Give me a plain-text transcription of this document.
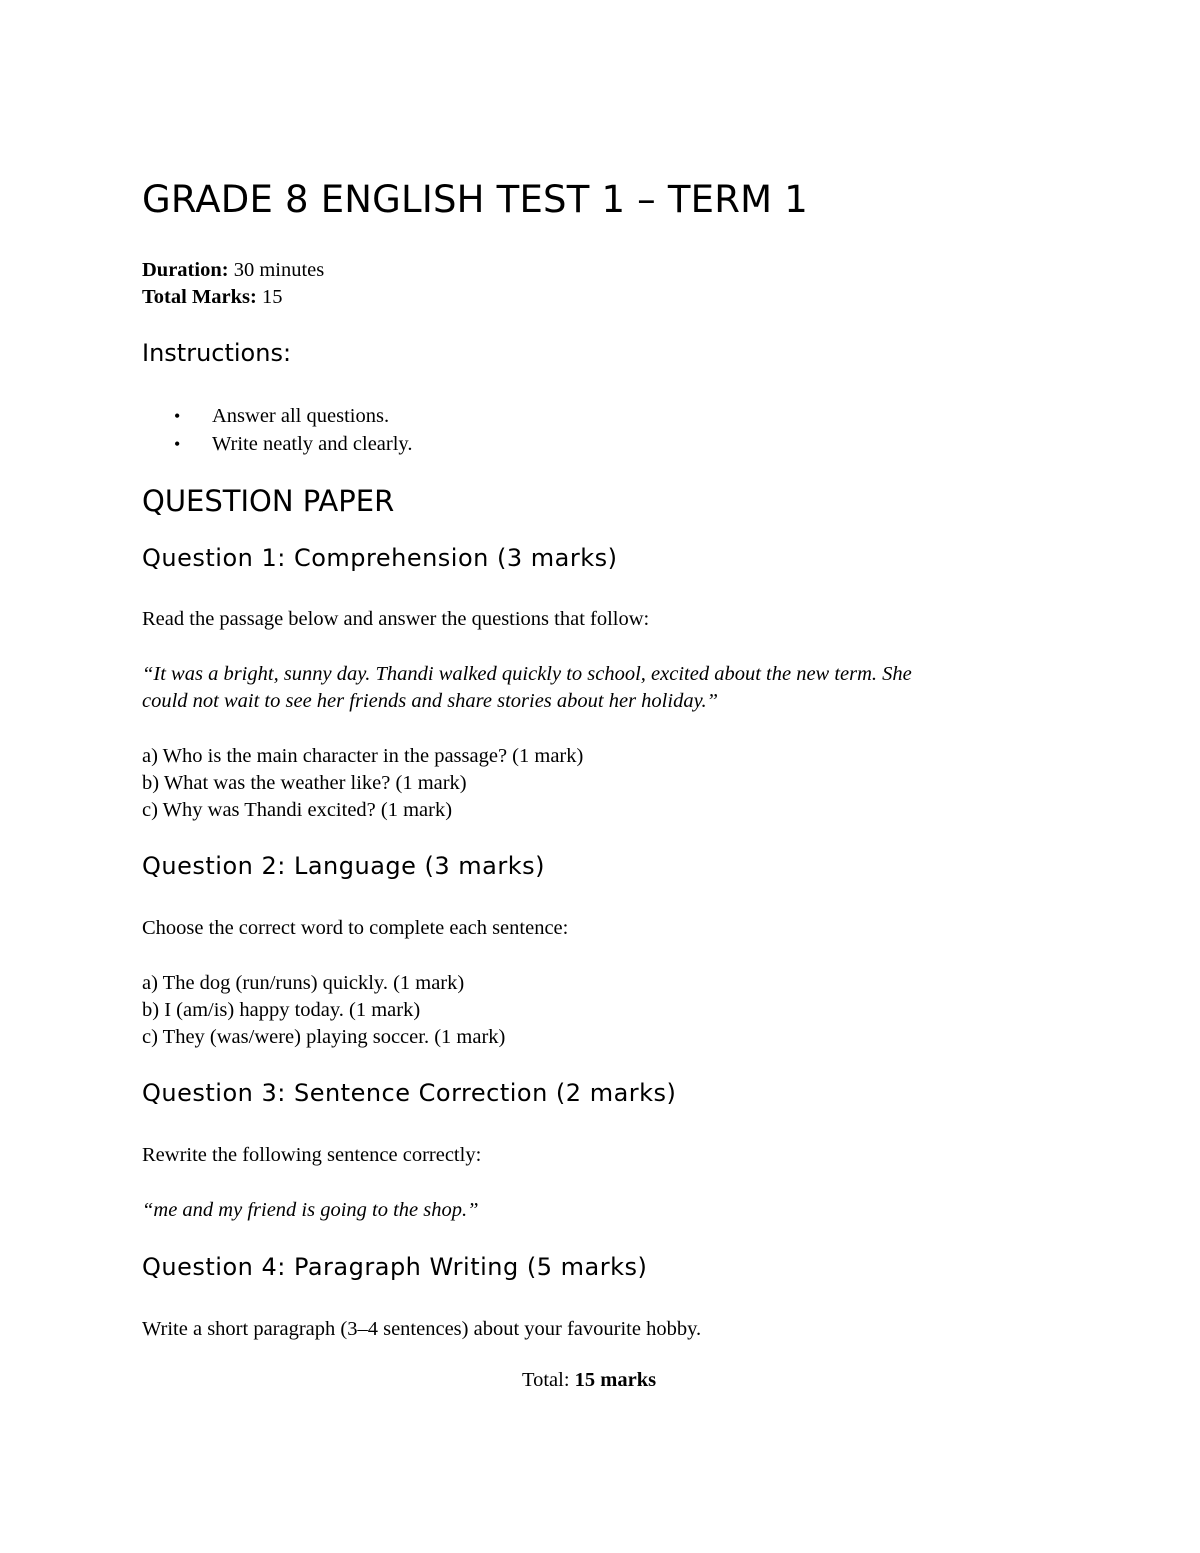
GRADE 8 ENGLISH TEST 1 – TERM 1

Duration: 30 minutes

Total Marks: 15

Instructions:
• Answer all questions.
• Write neatly and clearly.
QUESTION PAPER
Question 1: Comprehension (3 marks)

Read the passage below and answer the questions that follow:

“It was a bright, sunny day. Thandi walked quickly to school, excited about the new term. She

could not wait to see her friends and share stories about her holiday.”

a) Who is the main character in the passage? (1 mark)

b) What was the weather like? (1 mark)

c) Why was Thandi excited? (1 mark)

Question 2: Language (3 marks)

Choose the correct word to complete each sentence:

a) The dog (run/runs) quickly. (1 mark)

b) I (am/is) happy today. (1 mark)

c) They (was/were) playing soccer. (1 mark)

Question 3: Sentence Correction (2 marks)

Rewrite the following sentence correctly:

“me and my friend is going to the shop.”

Question 4: Paragraph Writing (5 marks)

Write a short paragraph (3–4 sentences) about your favourite hobby.

Total: 15 marks
